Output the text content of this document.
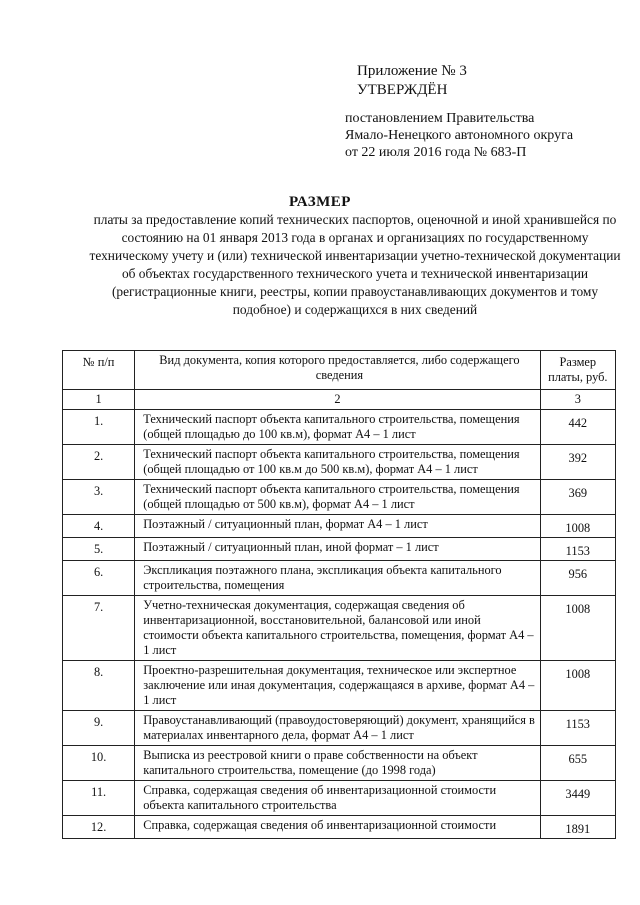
Приложение № 3
УТВЕРЖДЁН
постановлением Правительства
Ямало-Ненецкого автономного округа
от 22 июля 2016 года № 683-П
РАЗМЕР
платы за предоставление копий технических паспортов, оценочной и иной хранившейся по состоянию на 01 января 2013 года в органах и организациях по государственному техническому учету и (или) технической инвентаризации учетно-технической документации об объектах государственного технического учета и технической инвентаризации (регистрационные книги, реестры, копии правоустанавливающих документов и тому подобное) и содержащихся в них сведений
№ п/п	Вид документа, копия которого предоставляется, либо содержащего сведения	Размер платы, руб.
1	2	3
1.	Технический паспорт объекта капитального строительства, помещения (общей площадью до 100 кв.м), формат А4 – 1 лист	442
2.	Технический паспорт объекта капитального строительства, помещения (общей площадью от 100 кв.м до 500 кв.м), формат А4 – 1 лист	392
3.	Технический паспорт объекта капитального строительства, помещения (общей площадью от 500 кв.м), формат А4 – 1 лист	369
4.	Поэтажный / ситуационный план, формат А4 – 1 лист	1008
5.	Поэтажный / ситуационный план, иной формат – 1 лист	1153
6.	Экспликация поэтажного плана, экспликация объекта капитального строительства, помещения	956
7.	Учетно-техническая документация, содержащая сведения об инвентаризационной, восстановительной, балансовой или иной стоимости объекта капитального строительства, помещения, формат А4 – 1 лист	1008
8.	Проектно-разрешительная документация, техническое или экспертное заключение или иная документация, содержащаяся в архиве, формат А4 – 1 лист	1008
9.	Правоустанавливающий (правоудостоверяющий) документ, хранящийся в материалах инвентарного дела, формат А4 – 1 лист	1153
10.	Выписка из реестровой книги о праве собственности на объект капитального строительства, помещение (до 1998 года)	655
11.	Справка, содержащая сведения об инвентаризационной стоимости объекта капитального строительства	3449
12.	Справка, содержащая сведения об инвентаризационной стоимости	1891
